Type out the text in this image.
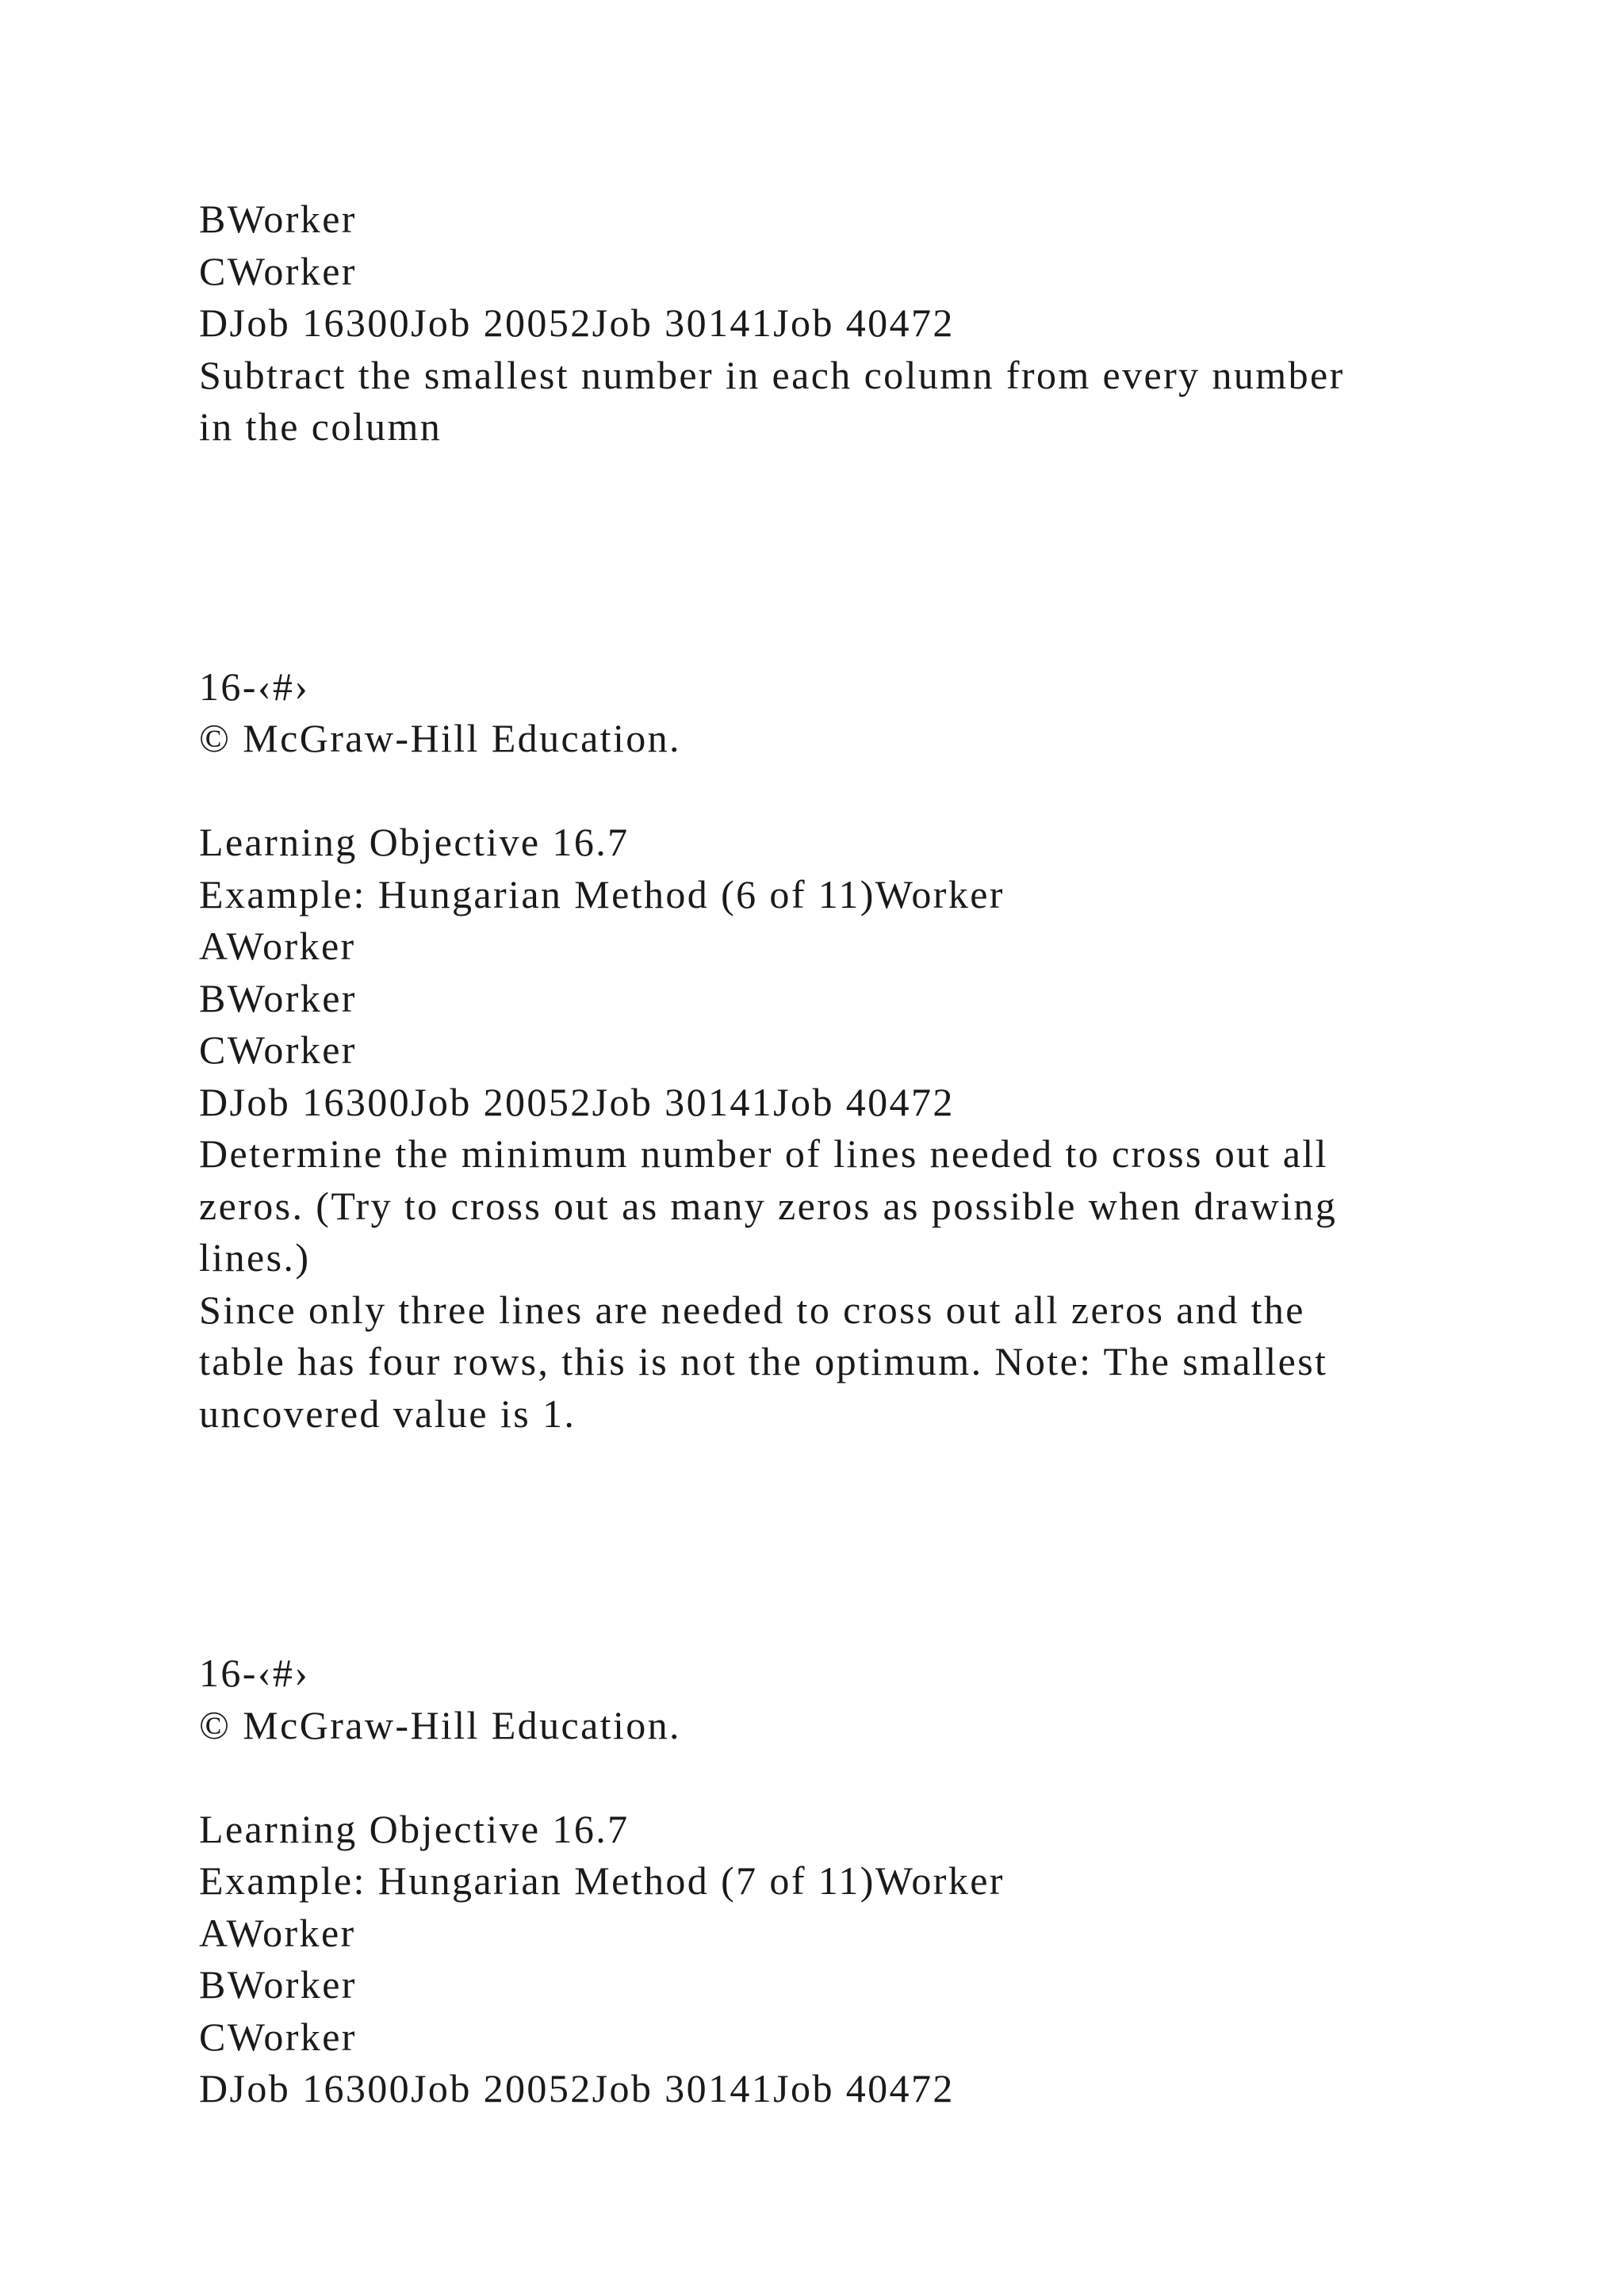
BWorker
CWorker
DJob 16300Job 20052Job 30141Job 40472
Subtract the smallest number in each column from every number
in the column
16-‹#›
© McGraw-Hill Education.
Learning Objective 16.7
Example: Hungarian Method (6 of 11)Worker
AWorker
BWorker
CWorker
DJob 16300Job 20052Job 30141Job 40472
Determine the minimum number of lines needed to cross out all
zeros. (Try to cross out as many zeros as possible when drawing
lines.)
Since only three lines are needed to cross out all zeros and the
table has four rows, this is not the optimum. Note: The smallest
uncovered value is 1.
16-‹#›
© McGraw-Hill Education.
Learning Objective 16.7
Example: Hungarian Method (7 of 11)Worker
AWorker
BWorker
CWorker
DJob 16300Job 20052Job 30141Job 40472
